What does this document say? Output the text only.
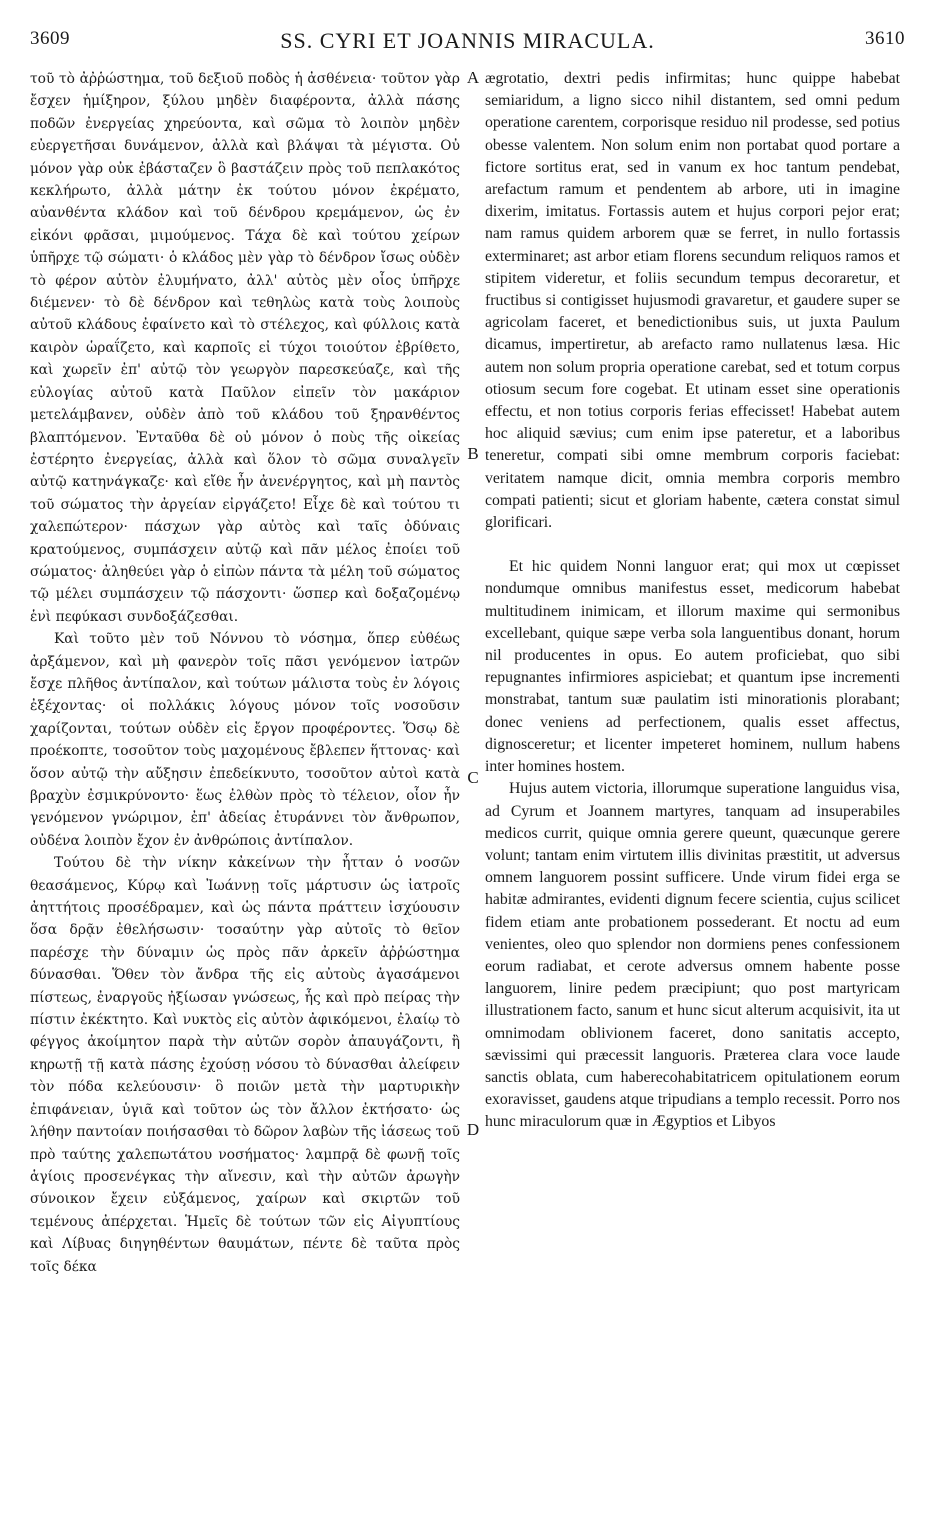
3609	SS. CYRI ET JOANNIS MIRACULA.	3610

τοῦ τὸ ἀῤῥώστημα, τοῦ δεξιοῦ ποδὸς ἡ ἀσθένεια· τοῦτον γὰρ ἔσχεν ἡμίξηρον, ξύλου μηδὲν διαφέροντα, ἀλλὰ πάσης ποδῶν ἐνεργείας χηρεύοντα, καὶ σῶμα τὸ λοιπὸν μηδὲν εὐεργετῆσαι δυνάμενον, ἀλλὰ καὶ βλάψαι τὰ μέγιστα. Οὐ μόνον γὰρ οὐκ ἐβάσταζεν ὃ βαστάζειν πρὸς τοῦ πεπλακότος κεκλήρωτο, ἀλλὰ μάτην ἐκ τούτου μόνον ἐκρέματο, αὐανθέντα κλάδον καὶ τοῦ δένδρου κρεμάμενον, ὡς ἐν εἰκόνι φρᾶσαι, μιμούμενος. Τάχα δὲ καὶ τούτου χείρων ὑπῆρχε τῷ σώματι· ὁ κλάδος μὲν γὰρ τὸ δένδρον ἴσως οὐδὲν τὸ φέρον αὐτὸν ἐλυμήνατο, ἀλλ' αὐτὸς μὲν οἷος ὑπῆρχε διέμενεν· τὸ δὲ δένδρον καὶ τεθηλὼς κατὰ τοὺς λοιποὺς αὐτοῦ κλάδους ἐφαίνετο καὶ τὸ στέλεχος, καὶ φύλλοις κατὰ καιρὸν ὡραΐζετο, καὶ καρποῖς εἰ τύχοι τοιούτον ἐβρίθετο, καὶ χωρεῖν ἐπ' αὐτῷ τὸν γεωργὸν παρεσκεύαζε, καὶ τῆς εὐλογίας αὐτοῦ κατὰ Παῦλον εἰπεῖν τὸν μακάριον μετελάμβανεν, οὐδὲν ἀπὸ τοῦ κλάδου τοῦ ξηρανθέντος βλαπτόμενον. Ἐνταῦθα δὲ οὐ μόνον ὁ ποὺς τῆς οἰκείας ἐστέρητο ἐνεργείας, ἀλλὰ καὶ ὅλον τὸ σῶμα συναλγεῖν αὐτῷ κατηνάγκαζε· καὶ εἴθε ἦν ἀνενέργητος, καὶ μὴ παντὸς τοῦ σώματος τὴν ἀργείαν εἰργάζετο! Εἶχε δὲ καὶ τούτου τι χαλεπώτερον· πάσχων γὰρ αὐτὸς καὶ ταῖς ὀδύναις κρατούμενος, συμπάσχειν αὐτῷ καὶ πᾶν μέλος ἐποίει τοῦ σώματος· ἀληθεύει γὰρ ὁ εἰπὼν πάντα τὰ μέλη τοῦ σώματος τῷ μέλει συμπάσχειν τῷ πάσχοντι· ὥσπερ καὶ δοξαζομένῳ ἑνὶ πεφύκασι συνδοξάζεσθαι.

Καὶ τοῦτο μὲν τοῦ Νόννου τὸ νόσημα, ὅπερ εὐθέως ἀρξάμενον, καὶ μὴ φανερὸν τοῖς πᾶσι γενόμενον ἰατρῶν ἔσχε πλῆθος ἀντίπαλον, καὶ τούτων μάλιστα τοὺς ἐν λόγοις ἐξέχοντας· οἱ πολλάκις λόγους μόνον τοῖς νοσοῦσιν χαρίζονται, τούτων οὐδὲν εἰς ἔργον προφέροντες. Ὅσῳ δὲ προέκοπτε, τοσοῦτον τοὺς μαχομένους ἔβλεπεν ἥττονας· καὶ ὅσον αὐτῷ τὴν αὔξησιν ἐπεδείκνυτο, τοσοῦτον αὐτοὶ κατὰ βραχὺν ἐσμικρύνοντο· ἕως ἐλθὼν πρὸς τὸ τέλειον, οἷον ἦν γενόμενον γνώριμον, ἐπ' ἀδείας ἐτυράννει τὸν ἄνθρωπον, οὐδένα λοιπὸν ἔχον ἐν ἀνθρώποις ἀντίπαλον.

Τούτου δὲ τὴν νίκην κἀκείνων τὴν ἧτταν ὁ νοσῶν θεασάμενος, Κύρῳ καὶ Ἰωάννῃ τοῖς μάρτυσιν ὡς ἰατροῖς ἀηττήτοις προσέδραμεν, καὶ ὡς πάντα πράττειν ἰσχύουσιν ὅσα δρᾷν ἐθελήσωσιν· τοσαύτην γὰρ αὐτοῖς τὸ θεῖον παρέσχε τὴν δύναμιν ὡς πρὸς πᾶν ἀρκεῖν ἀῤῥώστημα δύνασθαι. Ὅθεν τὸν ἄνδρα τῆς εἰς αὐτοὺς ἀγασάμενοι πίστεως, ἐναργοῦς ἠξίωσαν γνώσεως, ἧς καὶ πρὸ πείρας τὴν πίστιν ἐκέκτητο. Καὶ νυκτὸς εἰς αὐτὸν ἀφικόμενοι, ἐλαίῳ τὸ φέγγος ἀκοίμητον παρὰ τὴν αὐτῶν σορὸν ἀπαυγάζοντι, ἢ κηρωτῇ τῇ κατὰ πάσης ἐχούσῃ νόσου τὸ δύνασθαι ἀλείφειν τὸν πόδα κελεύουσιν· ὃ ποιῶν μετὰ τὴν μαρτυρικὴν ἐπιφάνειαν, ὑγιᾶ καὶ τοῦτον ὡς τὸν ἄλλον ἐκτήσατο· ὡς λήθην παντοίαν ποιήσασθαι τὸ δῶρον λαβὼν τῆς ἰάσεως τοῦ πρὸ ταύτης χαλεπωτάτου νοσήματος· λαμπρᾷ δὲ φωνῇ τοῖς ἁγίοις προσενέγκας τὴν αἴνεσιν, καὶ τὴν αὐτῶν ἀρωγὴν σύνοικον ἔχειν εὐξάμενος, χαίρων καὶ σκιρτῶν τοῦ τεμένους ἀπέρχεται. Ἡμεῖς δὲ τούτων τῶν εἰς Αἰγυπτίους καὶ Λίβυας διηγηθέντων θαυμάτων, πέντε δὲ ταῦτα πρὸς τοῖς δέκα

A
B
C
D

ægrotatio, dextri pedis infirmitas; hunc quippe habebat semiaridum, a ligno sicco nihil distantem, sed omni pedum operatione carentem, corporisque residuo nil prodesse, sed potius obesse valentem. Non solum enim non portabat quod portare a fictore sortitus erat, sed in vanum ex hoc tantum pendebat, arefactum ramum et pendentem ab arbore, uti in imagine dixerim, imitatus. Fortassis autem et hujus corpori pejor erat; nam ramus quidem arborem quæ se ferret, in nullo fortassis exterminaret; ast arbor etiam florens secundum reliquos ramos et stipitem videretur, et foliis secundum tempus decoraretur, et fructibus si contigisset hujusmodi gravaretur, et gaudere super se agricolam faceret, et benedictionibus suis, ut juxta Paulum dicamus, impertiretur, ab arefacto ramo nullatenus læsa. Hic autem non solum propria operatione carebat, sed et totum corpus otiosum secum fore cogebat. Et utinam esset sine operationis effectu, et non totius corporis ferias effecisset! Habebat autem hoc aliquid sævius; cum enim ipse pateretur, et a laboribus teneretur, compati sibi omne membrum corporis faciebat: veritatem namque dicit, omnia membra corporis membro compati patienti; sicut et gloriam habente, cætera constat simul glorificari.

Et hic quidem Nonni languor erat; qui mox ut cœpisset nondumque omnibus manifestus esset, medicorum habebat multitudinem inimicam, et illorum maxime qui sermonibus excellebant, quique sæpe verba sola languentibus donant, horum nil producentes in opus. Eo autem proficiebat, quo sibi repugnantes infirmiores aspiciebat; et quantum ipse incrementi monstrabat, tantum suæ paulatim isti minorationis plorabant; donec veniens ad perfectionem, qualis esset affectus, dignosceretur; et licenter impeteret hominem, nullum habens inter homines hostem.

Hujus autem victoria, illorumque superatione languidus visa, ad Cyrum et Joannem martyres, tanquam ad insuperabiles medicos currit, quique omnia gerere queunt, quæcunque gerere volunt; tantam enim virtutem illis divinitas præstitit, ut adversus omnem languorem possint sufficere. Unde virum fidei erga se habitæ admirantes, evidenti dignum fecere scientia, cujus scilicet fidem etiam ante probationem possederant. Et noctu ad eum venientes, oleo quo splendor non dormiens penes confessionem eorum radiabat, et cerote adversus omnem habente posse languorem, linire pedem præcipiunt; quo post martyricam illustrationem facto, sanum et hunc sicut alterum acquisivit, ita ut omnimodam oblivionem faceret, dono sanitatis accepto, sævissimi qui præcessit languoris. Præterea clara voce laude sanctis oblata, cum haberecohabitatricem opitulationem eorum exoravisset, gaudens atque tripudians a templo recessit. Porro nos hunc miraculorum quæ in Ægyptios et Libyos
